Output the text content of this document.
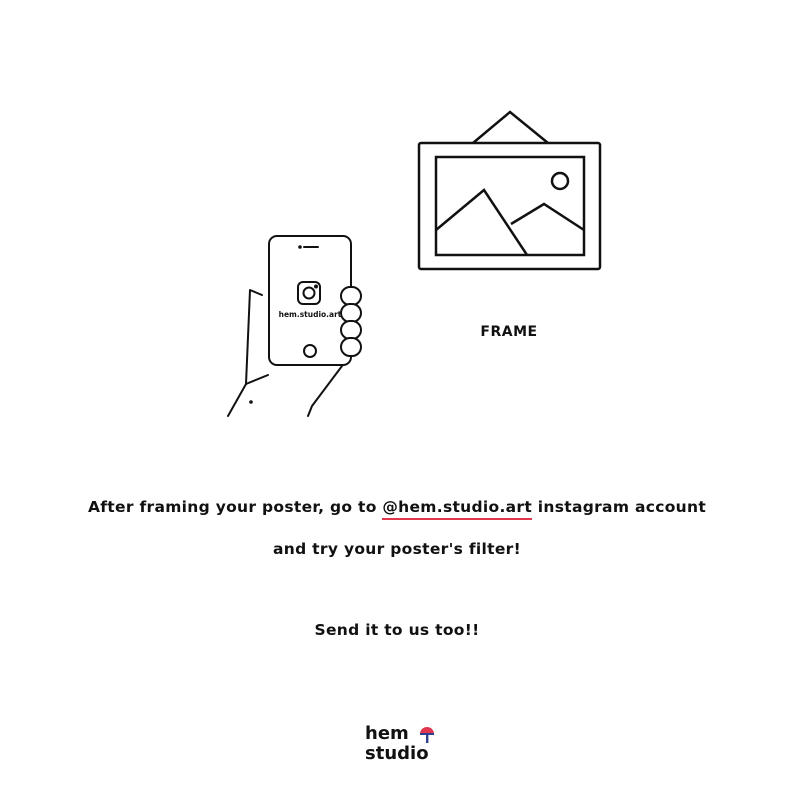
hem.studio.art

FRAME

After framing your poster, go to @hem.studio.art instagram account

and try your poster's filter!

Send it to us too!!

hem
studio
